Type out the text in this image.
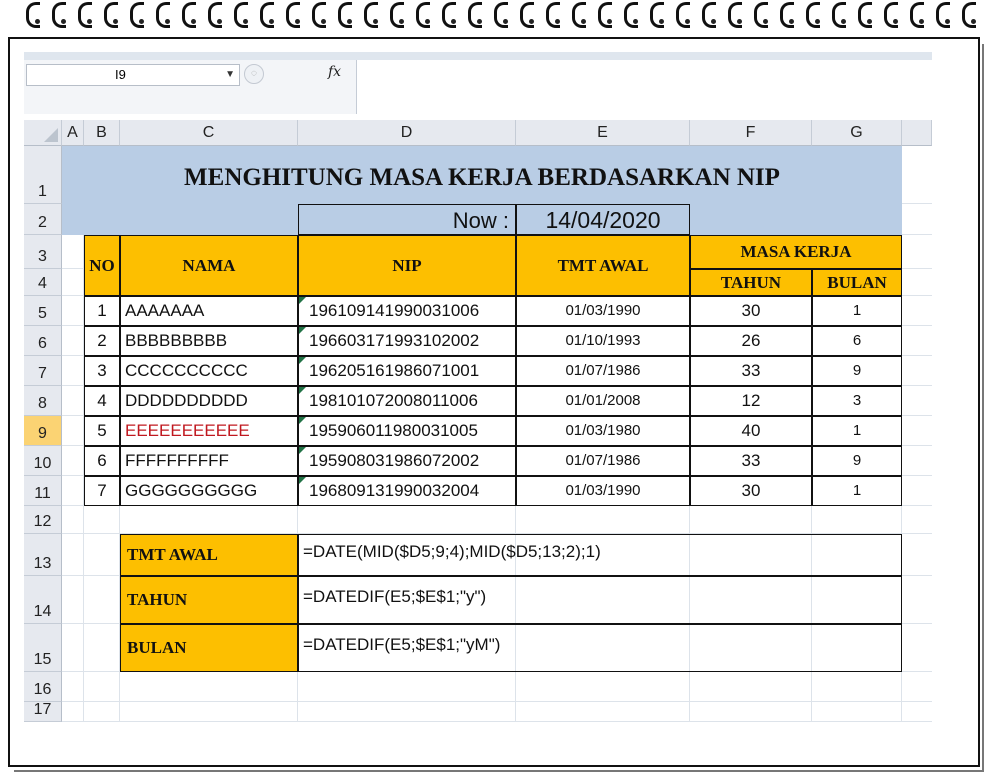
I9	▼	◌	fx
A	B	C	D	E	F	G
1
2
3
4
5
6
7
8
9
10
11
12
13
14
15
16
17
MENGHITUNG MASA KERJA BERDASARKAN NIP
Now :	14/04/2020
NO	NAMA	NIP	TMT AWAL
MASA KERJA
TAHUN	BULAN
1	AAAAAAA	196109141990031006	01/03/1990	30	1
2	BBBBBBBBB	196603171993102002	01/10/1993	26	6
3	CCCCCCCCCC	196205161986071001	01/07/1986	33	9
4	DDDDDDDDDD	198101072008011006	01/01/2008	12	3
5	EEEEEEEEEEE	195906011980031005	01/03/1980	40	1
6	FFFFFFFFFF	195908031986072002	01/07/1986	33	9
7	GGGGGGGGGG	196809131990032004	01/03/1990	30	1
TMT AWAL	=DATE(MID($D5;9;4);MID($D5;13;2);1)
TAHUN	=DATEDIF(E5;$E$1;"y")
BULAN	=DATEDIF(E5;$E$1;"yM")
